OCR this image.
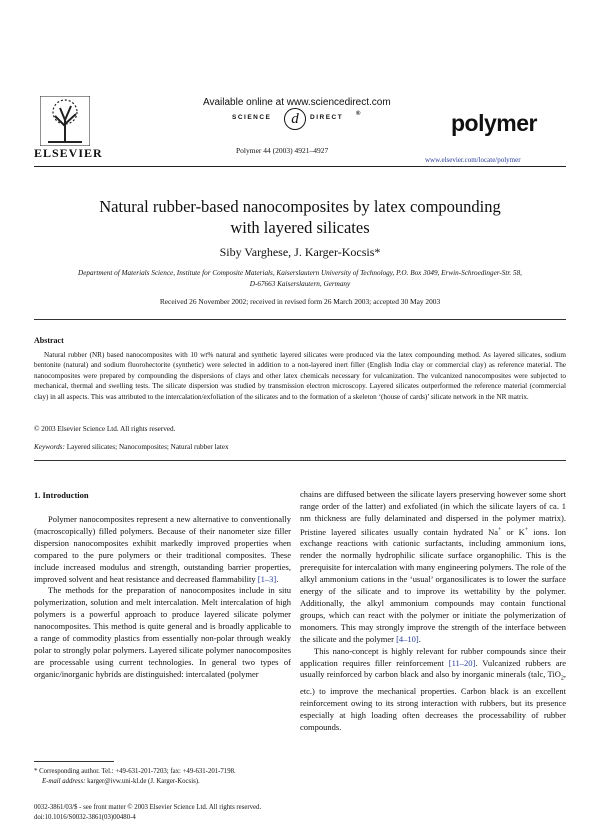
ELSEVIER
Available online at www.sciencedirect.com
SCIENCE	d	DIRECT ®
Polymer 44 (2003) 4921–4927
polymer
www.elsevier.com/locate/polymer
Natural rubber-based nanocomposites by latex compounding
with layered silicates
Siby Varghese, J. Karger-Kocsis*
Department of Materials Science, Institute for Composite Materials, Kaiserslautern University of Technology, P.O. Box 3049, Erwin-Schroedinger-Str. 58,
D-67663 Kaiserslautern, Germany
Received 26 November 2002; received in revised form 26 March 2003; accepted 30 May 2003
Abstract
Natural rubber (NR) based nanocomposites with 10 wt% natural and synthetic layered silicates were produced via the latex compounding method. As layered silicates, sodium bentonite (natural) and sodium fluorohectorite (synthetic) were selected in addition to a non-layered inert filler (English India clay or commercial clay) as reference material. The nanocomposites were prepared by compounding the dispersions of clays and other latex chemicals necessary for vulcanization. The vulcanized nanocomposites were subjected to mechanical, thermal and swelling tests. The silicate dispersion was studied by transmission electron microscopy. Layered silicates outperformed the reference material (commercial clay) in all aspects. This was attributed to the intercalation/exfoliation of the silicates and to the formation of a skeleton ‘(house of cards)’ silicate network in the NR matrix.
© 2003 Elsevier Science Ltd. All rights reserved.
Keywords: Layered silicates; Nanocomposites; Natural rubber latex
1. Introduction

Polymer nanocomposites represent a new alternative to conventionally (macroscopically) filled polymers. Because of their nanometer size filler dispersion nanocomposites exhibit markedly improved properties when compared to the pure polymers or their traditional composites. These include increased modulus and strength, outstanding barrier properties, improved solvent and heat resistance and decreased flammability [1–3].

The methods for the preparation of nanocomposites include in situ polymerization, solution and melt intercalation. Melt intercalation of high polymers is a powerful approach to produce layered silicate polymer nanocomposites. This method is quite general and is broadly applicable to a range of commodity plastics from essentially non-polar through weakly polar to strongly polar polymers. Layered silicate polymer nanocomposites are processable using current technologies. In general two types of organic/inorganic hybrids are distinguished: intercalated (polymer

chains are diffused between the silicate layers preserving however some short range order of the latter) and exfoliated (in which the silicate layers of ca. 1 nm thickness are fully delaminated and dispersed in the polymer matrix). Pristine layered silicates usually contain hydrated Na+ or K+ ions. Ion exchange reactions with cationic surfactants, including ammonium ions, render the normally hydrophilic silicate surface organophilic. This is the prerequisite for intercalation with many engineering polymers. The role of the alkyl ammonium cations in the ‘usual’ organosilicates is to lower the surface energy of the silicate and to improve its wettability by the polymer. Additionally, the alkyl ammonium compounds may contain functional groups, which can react with the polymer or initiate the polymerization of monomers. This may strongly improve the strength of the interface between the silicate and the polymer [4–10].

This nano-concept is highly relevant for rubber compounds since their application requires filler reinforcement [11–20]. Vulcanized rubbers are usually reinforced by carbon black and also by inorganic minerals (talc, TiO$_2$, etc.) to improve the mechanical properties. Carbon black is an excellent reinforcement owing to its strong interaction with rubbers, but its presence especially at high loading often decreases the processability of rubber compounds.

* Corresponding author. Tel.: +49-631-201-7203; fax: +49-631-201-7198.
E-mail address: karger@ivw.uni-kl.de (J. Karger-Kocsis).
0032-3861/03/$ - see front matter © 2003 Elsevier Science Ltd. All rights reserved.
doi:10.1016/S0032-3861(03)00480-4
